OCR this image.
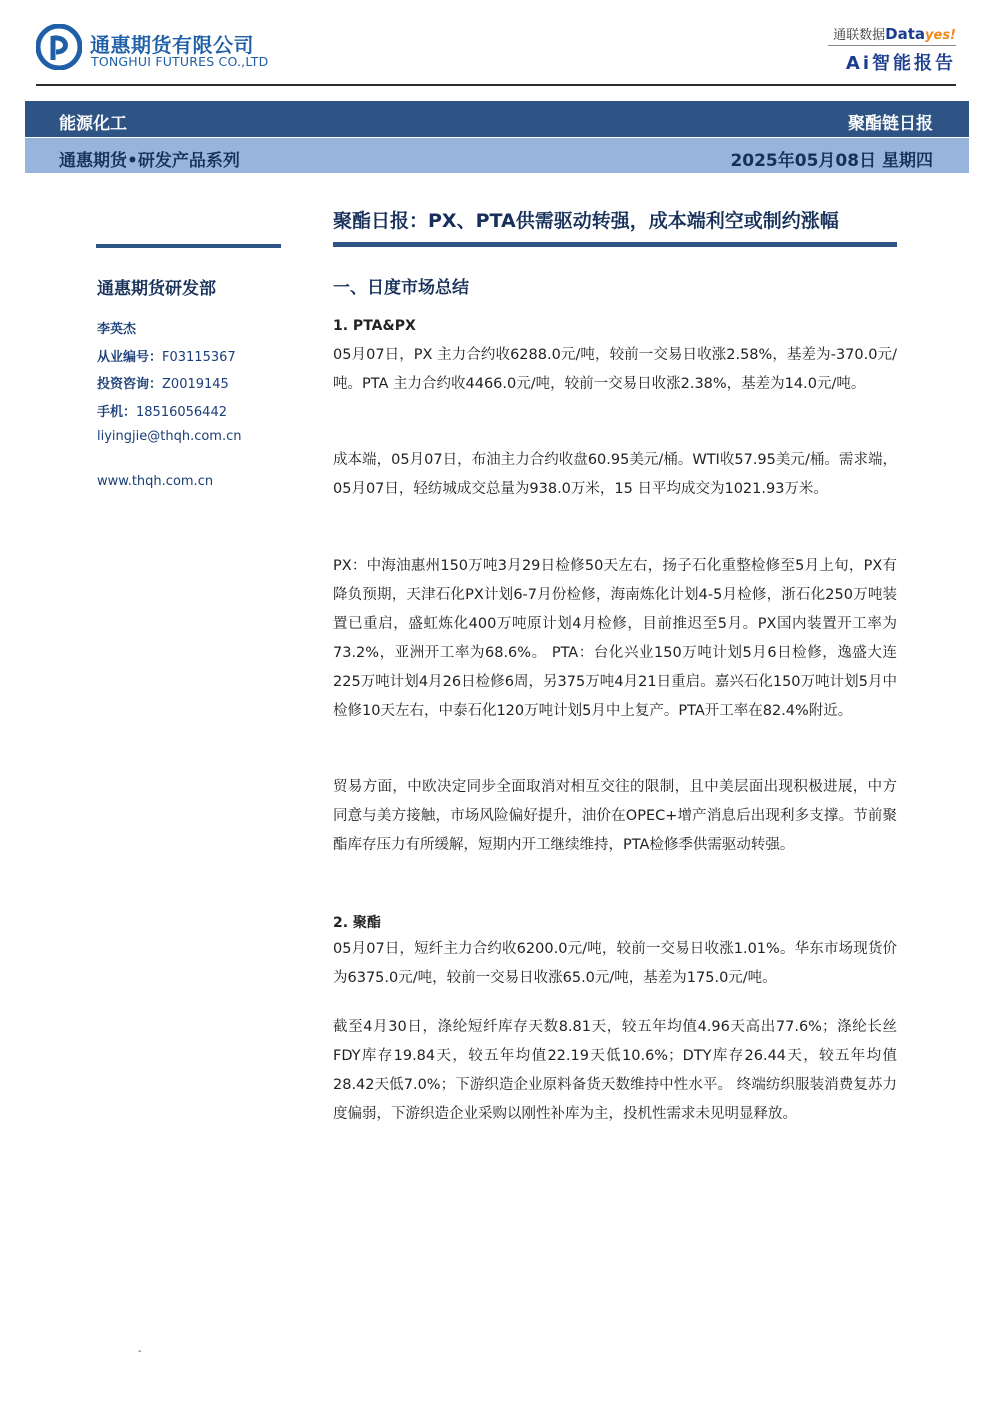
通惠期货有限公司
TONGHUI FUTURES CO.,LTD
通联数据Datayes!
Ai智能报告
能源化工	聚酯链日报
通惠期货•研发产品系列	2025年05月08日 星期四
通惠期货研发部
李英杰
从业编号：F03115367
投资咨询：Z0019145
手机：18516056442
liyingjie@thqh.com.cn
www.thqh.com.cn
聚酯日报：PX、PTA供需驱动转强，成本端利空或制约涨幅
一、日度市场总结
1. PTA&PX

05月07日，PX 主力合约收6288.0元/吨，较前一交易日收涨2.58%，基差为-370.0元/吨。PTA 主力合约收4466.0元/吨，较前一交易日收涨2.38%，基差为14.0元/吨。

成本端，05月07日，布油主力合约收盘60.95美元/桶。WTI收57.95美元/桶。需求端，05月07日，轻纺城成交总量为938.0万米，15 日平均成交为1021.93万米。

PX：中海油惠州150万吨3月29日检修50天左右，扬子石化重整检修至5月上旬，PX有降负预期，天津石化PX计划6-7月份检修，海南炼化计划4-5月检修，浙石化250万吨装置已重启，盛虹炼化400万吨原计划4月检修，目前推迟至5月。PX国内装置开工率为73.2%，亚洲开工率为68.6%。 PTA：台化兴业150万吨计划5月6日检修，逸盛大连225万吨计划4月26日检修6周，另375万吨4月21日重启。嘉兴石化150万吨计划5月中检修10天左右，中泰石化120万吨计划5月中上复产。PTA开工率在82.4%附近。

贸易方面，中欧决定同步全面取消对相互交往的限制，且中美层面出现积极进展，中方同意与美方接触，市场风险偏好提升，油价在OPEC+增产消息后出现利多支撑。节前聚酯库存压力有所缓解，短期内开工继续维持，PTA检修季供需驱动转强。

2. 聚酯

05月07日，短纤主力合约收6200.0元/吨，较前一交易日收涨1.01%。华东市场现货价为6375.0元/吨，较前一交易日收涨65.0元/吨，基差为175.0元/吨。

截至4月30日，涤纶短纤库存天数8.81天，较五年均值4.96天高出77.6%；涤纶长丝FDY库存19.84天，较五年均值22.19天低10.6%；DTY库存26.44天，较五年均值28.42天低7.0%；下游织造企业原料备货天数维持中性水平。 终端纺织服装消费复苏力度偏弱，下游织造企业采购以刚性补库为主，投机性需求未见明显释放。

-
